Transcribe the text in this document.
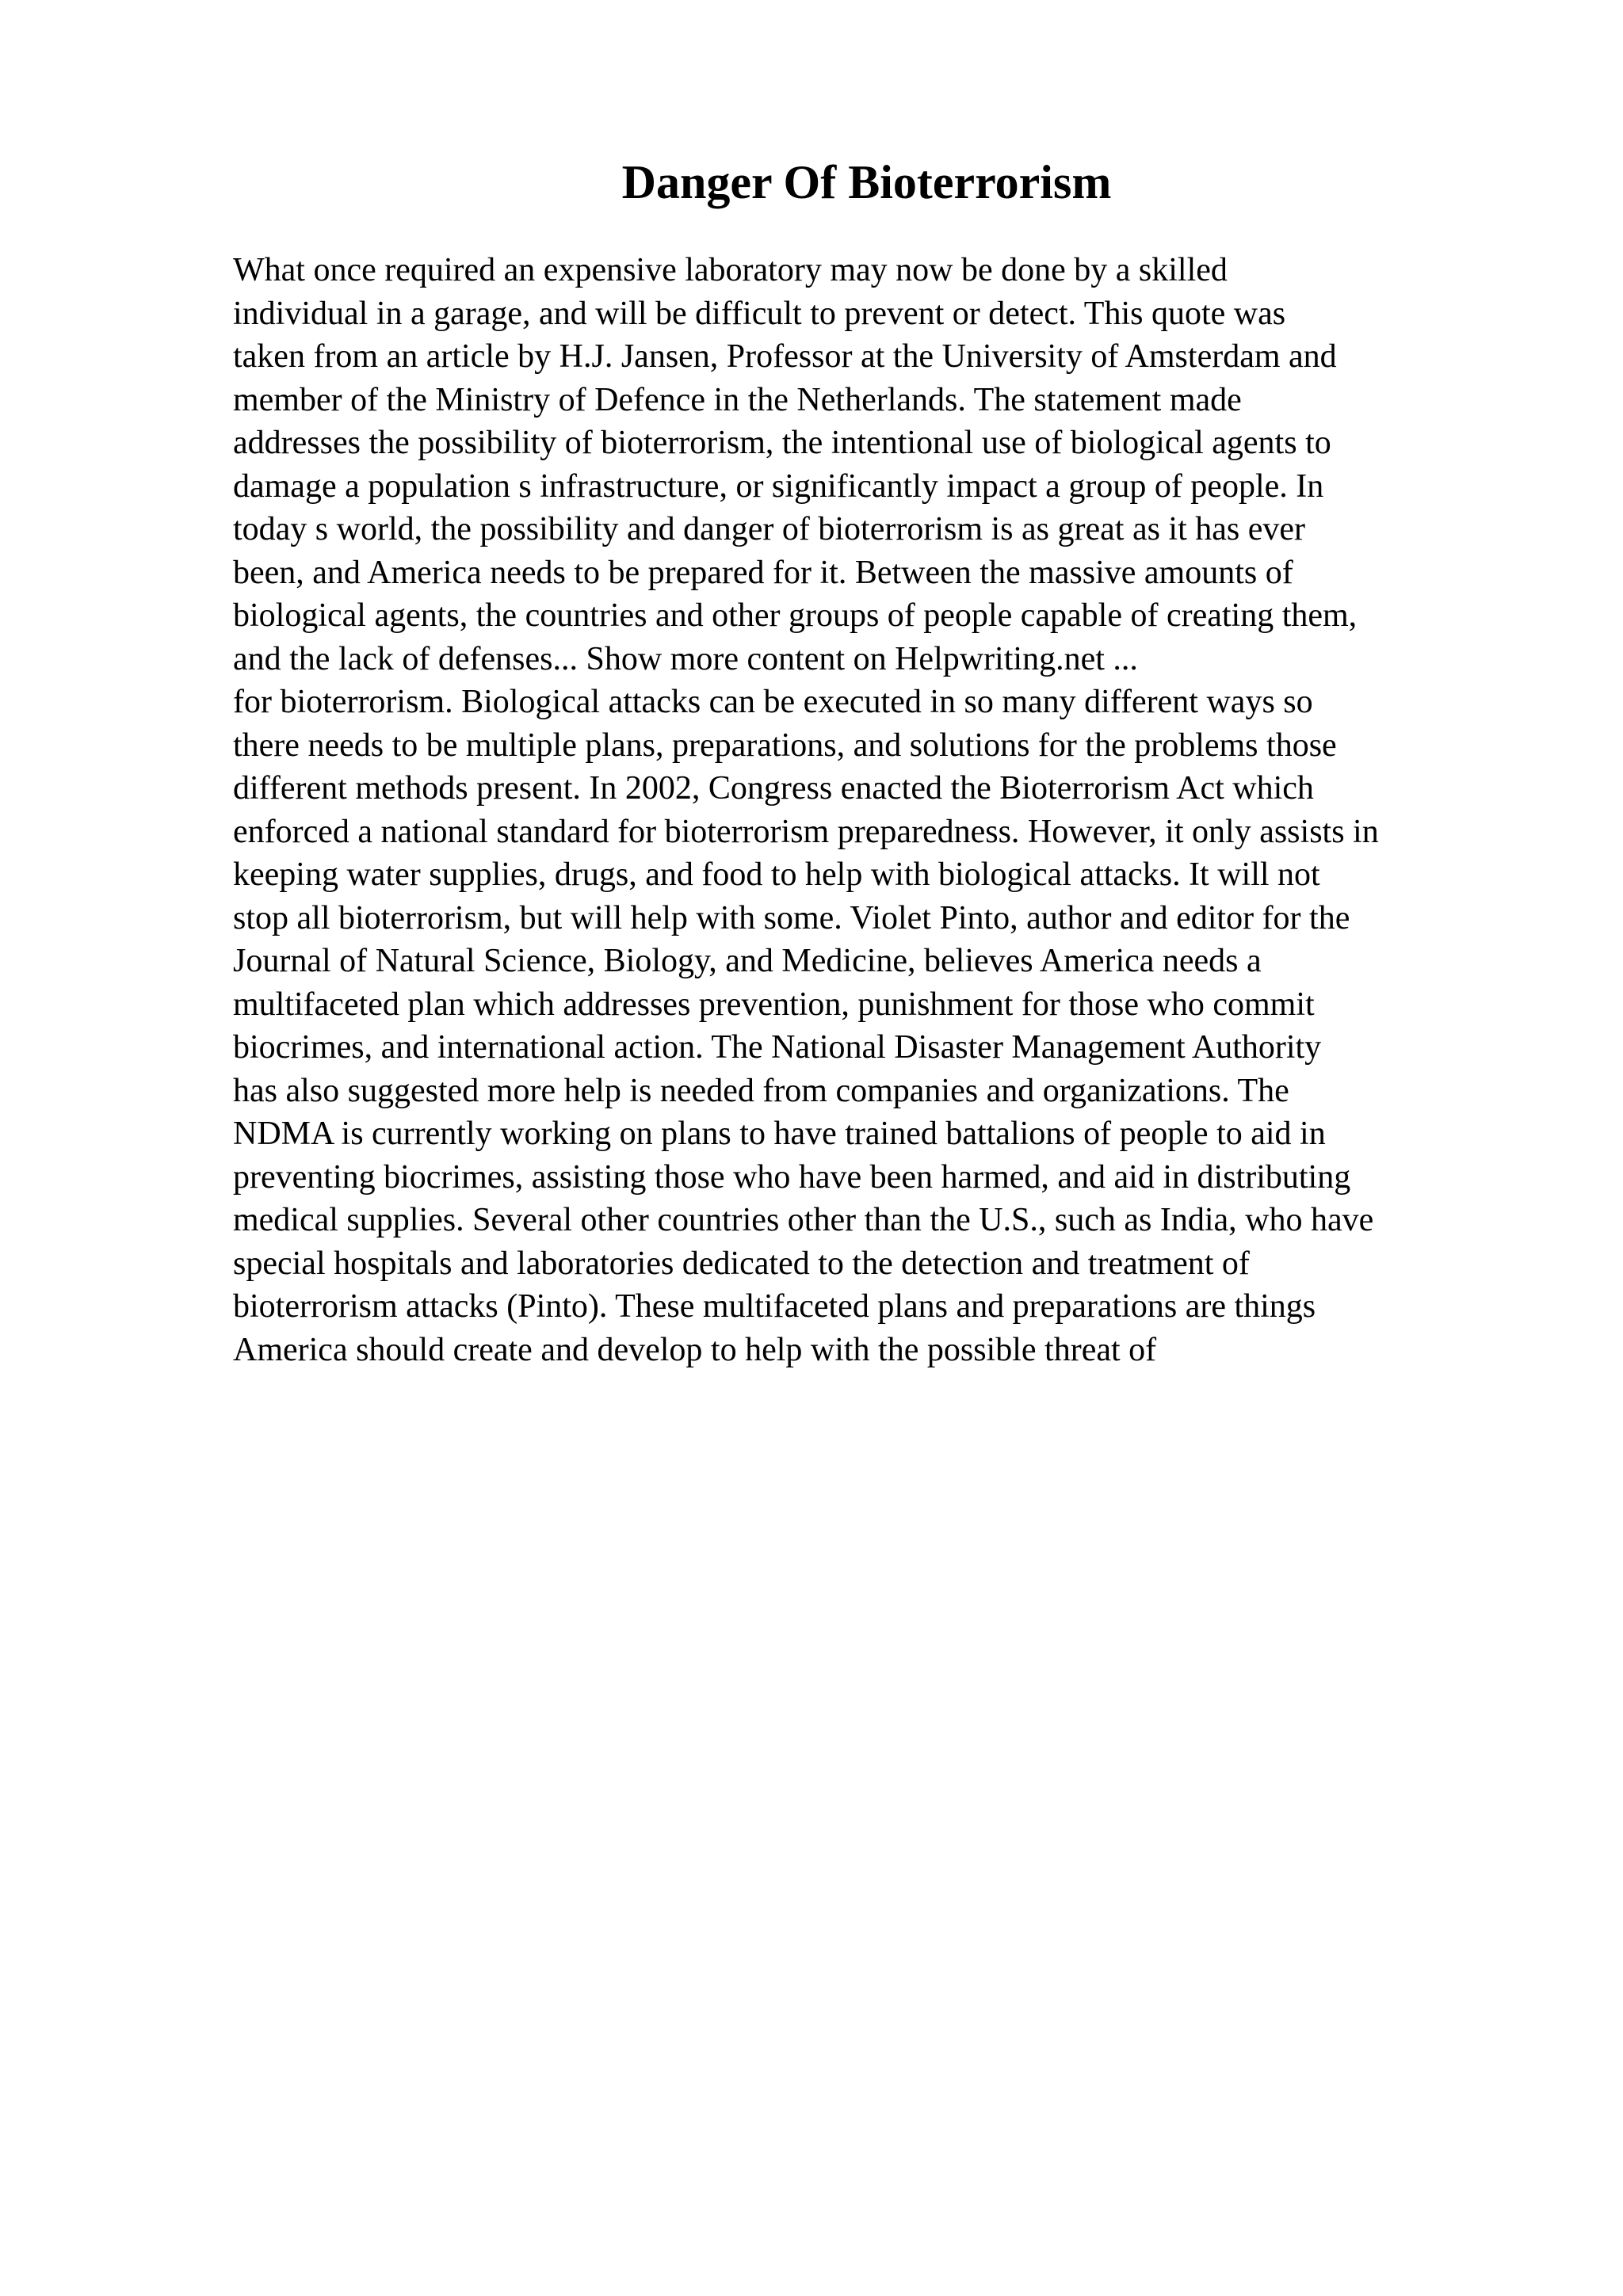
Danger Of Bioterrorism
What once required an expensive laboratory may now be done by a skilled
individual in a garage, and will be difficult to prevent or detect. This quote was
taken from an article by H.J. Jansen, Professor at the University of Amsterdam and
member of the Ministry of Defence in the Netherlands. The statement made
addresses the possibility of bioterrorism, the intentional use of biological agents to
damage a population s infrastructure, or significantly impact a group of people. In
today s world, the possibility and danger of bioterrorism is as great as it has ever
been, and America needs to be prepared for it. Between the massive amounts of
biological agents, the countries and other groups of people capable of creating them,
and the lack of defenses... Show more content on Helpwriting.net ...
for bioterrorism. Biological attacks can be executed in so many different ways so
there needs to be multiple plans, preparations, and solutions for the problems those
different methods present. In 2002, Congress enacted the Bioterrorism Act which
enforced a national standard for bioterrorism preparedness. However, it only assists in
keeping water supplies, drugs, and food to help with biological attacks. It will not
stop all bioterrorism, but will help with some. Violet Pinto, author and editor for the
Journal of Natural Science, Biology, and Medicine, believes America needs a
multifaceted plan which addresses prevention, punishment for those who commit
biocrimes, and international action. The National Disaster Management Authority
has also suggested more help is needed from companies and organizations. The
NDMA is currently working on plans to have trained battalions of people to aid in
preventing biocrimes, assisting those who have been harmed, and aid in distributing
medical supplies. Several other countries other than the U.S., such as India, who have
special hospitals and laboratories dedicated to the detection and treatment of
bioterrorism attacks (Pinto). These multifaceted plans and preparations are things
America should create and develop to help with the possible threat of
